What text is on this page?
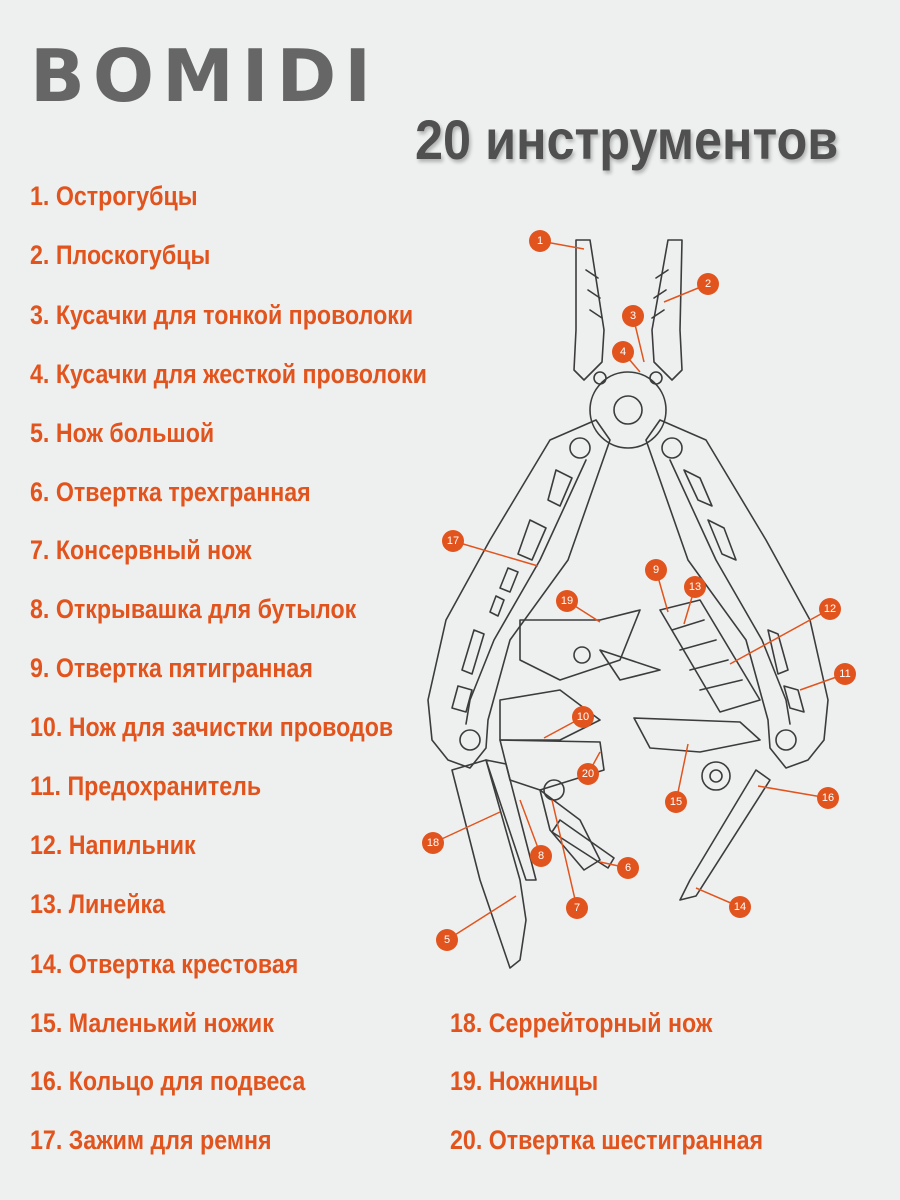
BOMIDI
20 инструментов
1. Острогубцы
2. Плоскогубцы
3. Кусачки для тонкой проволоки
4. Кусачки для жесткой проволоки
5. Нож большой
6. Отвертка трехгранная
7. Консервный нож
8. Открывашка для бутылок
9. Отвертка пятигранная
10. Нож для зачистки проводов
11. Предохранитель
12. Напильник
13. Линейка
14. Отвертка крестовая
15. Маленький ножик
16. Кольцо для подвеса
17. Зажим для ремня
18. Серрейторный нож
19. Ножницы
20. Отвертка шестигранная
1
2
3
4
5
6
7
8
9
10
11
12
13
14
15	16
17
18
19
20
